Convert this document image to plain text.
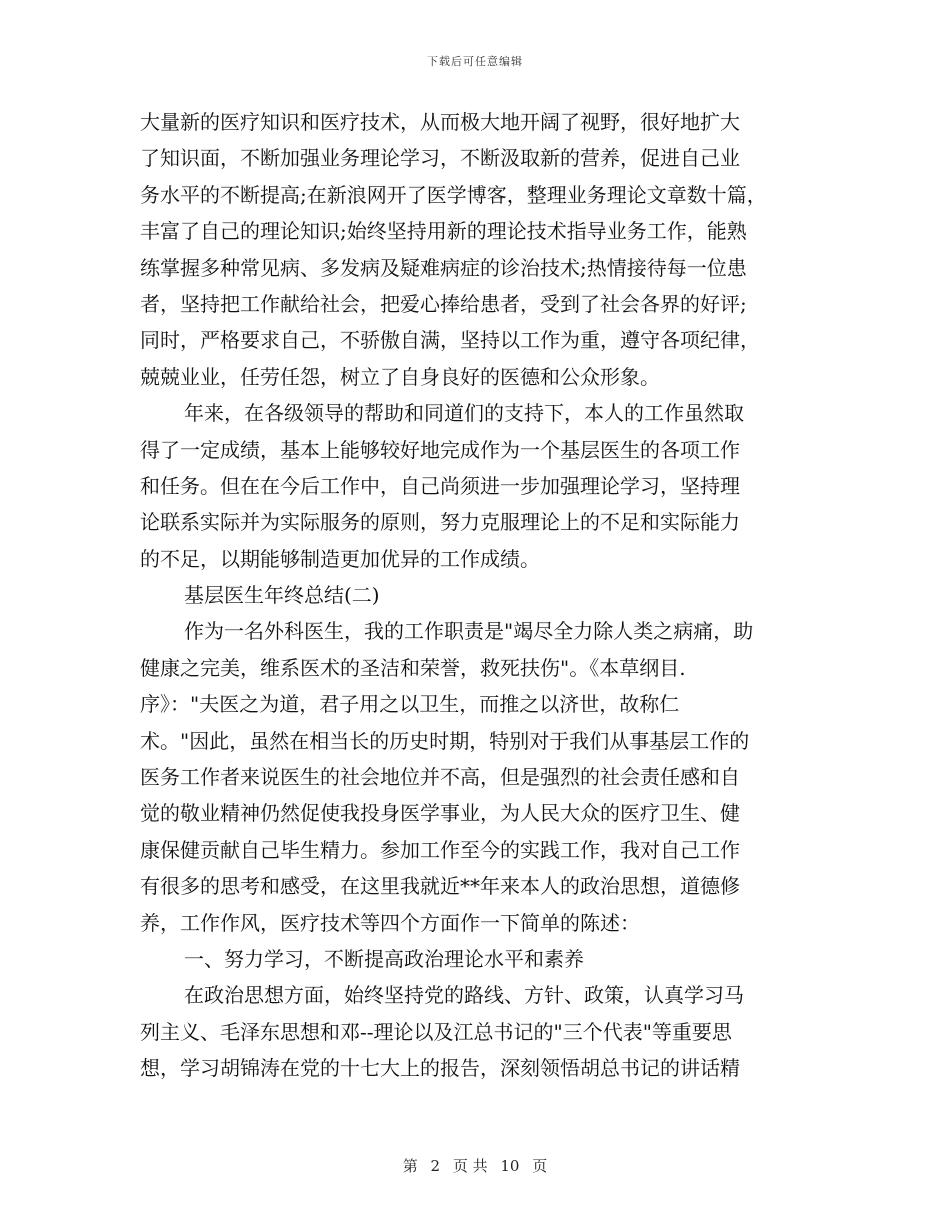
下载后可任意编辑
大量新的医疗知识和医疗技术，从而极大地开阔了视野，很好地扩大
了知识面，不断加强业务理论学习，不断汲取新的营养，促进自己业
务水平的不断提高;在新浪网开了医学博客，整理业务理论文章数十篇，
丰富了自己的理论知识;始终坚持用新的理论技术指导业务工作，能熟
练掌握多种常见病、多发病及疑难病症的诊治技术;热情接待每一位患
者，坚持把工作献给社会，把爱心捧给患者，受到了社会各界的好评;
同时，严格要求自己，不骄傲自满，坚持以工作为重，遵守各项纪律，
兢兢业业，任劳任怨，树立了自身良好的医德和公众形象。
年来，在各级领导的帮助和同道们的支持下，本人的工作虽然取
得了一定成绩，基本上能够较好地完成作为一个基层医生的各项工作
和任务。但在在今后工作中，自己尚须进一步加强理论学习，坚持理
论联系实际并为实际服务的原则，努力克服理论上的不足和实际能力
的不足，以期能够制造更加优异的工作成绩。
基层医生年终总结(二)
作为一名外科医生，我的工作职责是"竭尽全力除人类之病痛，助
健康之完美，维系医术的圣洁和荣誉，救死扶伤"。《本草纲目.
序》："夫医之为道，君子用之以卫生，而推之以济世，故称仁
术。"因此，虽然在相当长的历史时期，特别对于我们从事基层工作的
医务工作者来说医生的社会地位并不高，但是强烈的社会责任感和自
觉的敬业精神仍然促使我投身医学事业，为人民大众的医疗卫生、健
康保健贡献自己毕生精力。参加工作至今的实践工作，我对自己工作
有很多的思考和感受，在这里我就近**年来本人的政治思想，道德修
养，工作作风，医疗技术等四个方面作一下简单的陈述：
一、努力学习，不断提高政治理论水平和素养
在政治思想方面，始终坚持党的路线、方针、政策，认真学习马
列主义、毛泽东思想和邓--理论以及江总书记的"三个代表"等重要思
想，学习胡锦涛在党的十七大上的报告，深刻领悟胡总书记的讲话精
第 2 页 共 10 页
